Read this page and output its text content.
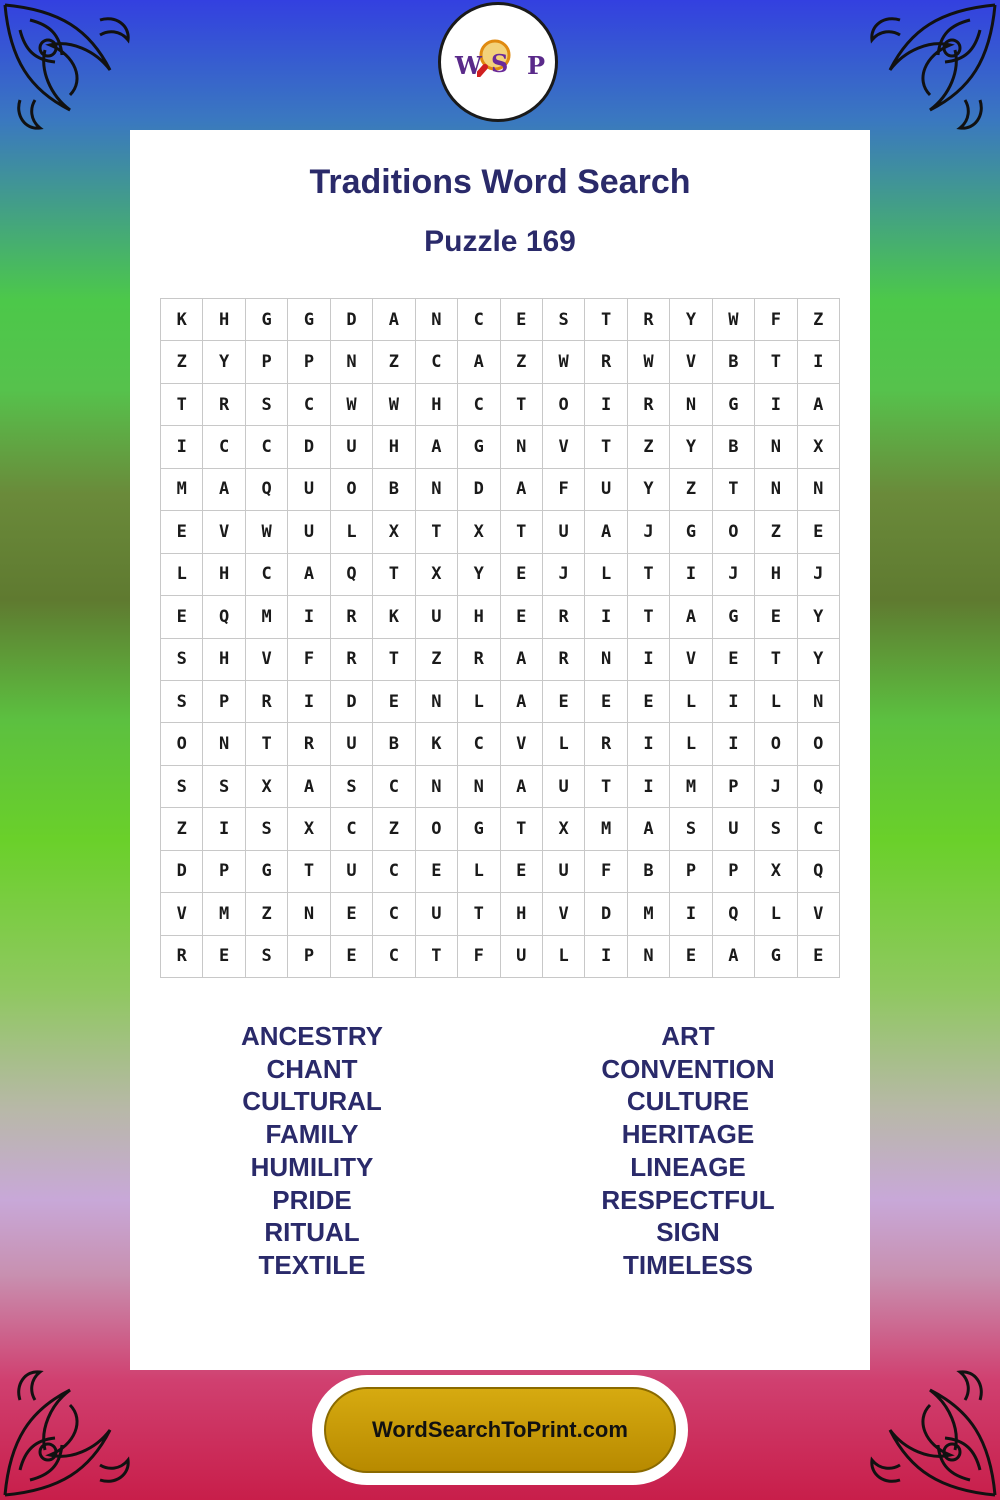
W S P
Traditions Word Search
Puzzle 169
K	H	G	G	D	A	N	C	E	S	T	R	Y	W	F	Z
Z	Y	P	P	N	Z	C	A	Z	W	R	W	V	B	T	I
T	R	S	C	W	W	H	C	T	O	I	R	N	G	I	A
I	C	C	D	U	H	A	G	N	V	T	Z	Y	B	N	X
M	A	Q	U	O	B	N	D	A	F	U	Y	Z	T	N	N
E	V	W	U	L	X	T	X	T	U	A	J	G	O	Z	E
L	H	C	A	Q	T	X	Y	E	J	L	T	I	J	H	J
E	Q	M	I	R	K	U	H	E	R	I	T	A	G	E	Y
S	H	V	F	R	T	Z	R	A	R	N	I	V	E	T	Y
S	P	R	I	D	E	N	L	A	E	E	E	L	I	L	N
O	N	T	R	U	B	K	C	V	L	R	I	L	I	O	O
S	S	X	A	S	C	N	N	A	U	T	I	M	P	J	Q
Z	I	S	X	C	Z	O	G	T	X	M	A	S	U	S	C
D	P	G	T	U	C	E	L	E	U	F	B	P	P	X	Q
V	M	Z	N	E	C	U	T	H	V	D	M	I	Q	L	V
R	E	S	P	E	C	T	F	U	L	I	N	E	A	G	E
ANCESTRY
CHANT
CULTURAL
FAMILY
HUMILITY
PRIDE
RITUAL
TEXTILE
ART
CONVENTION
CULTURE
HERITAGE
LINEAGE
RESPECTFUL
SIGN
TIMELESS
WordSearchToPrint.com
